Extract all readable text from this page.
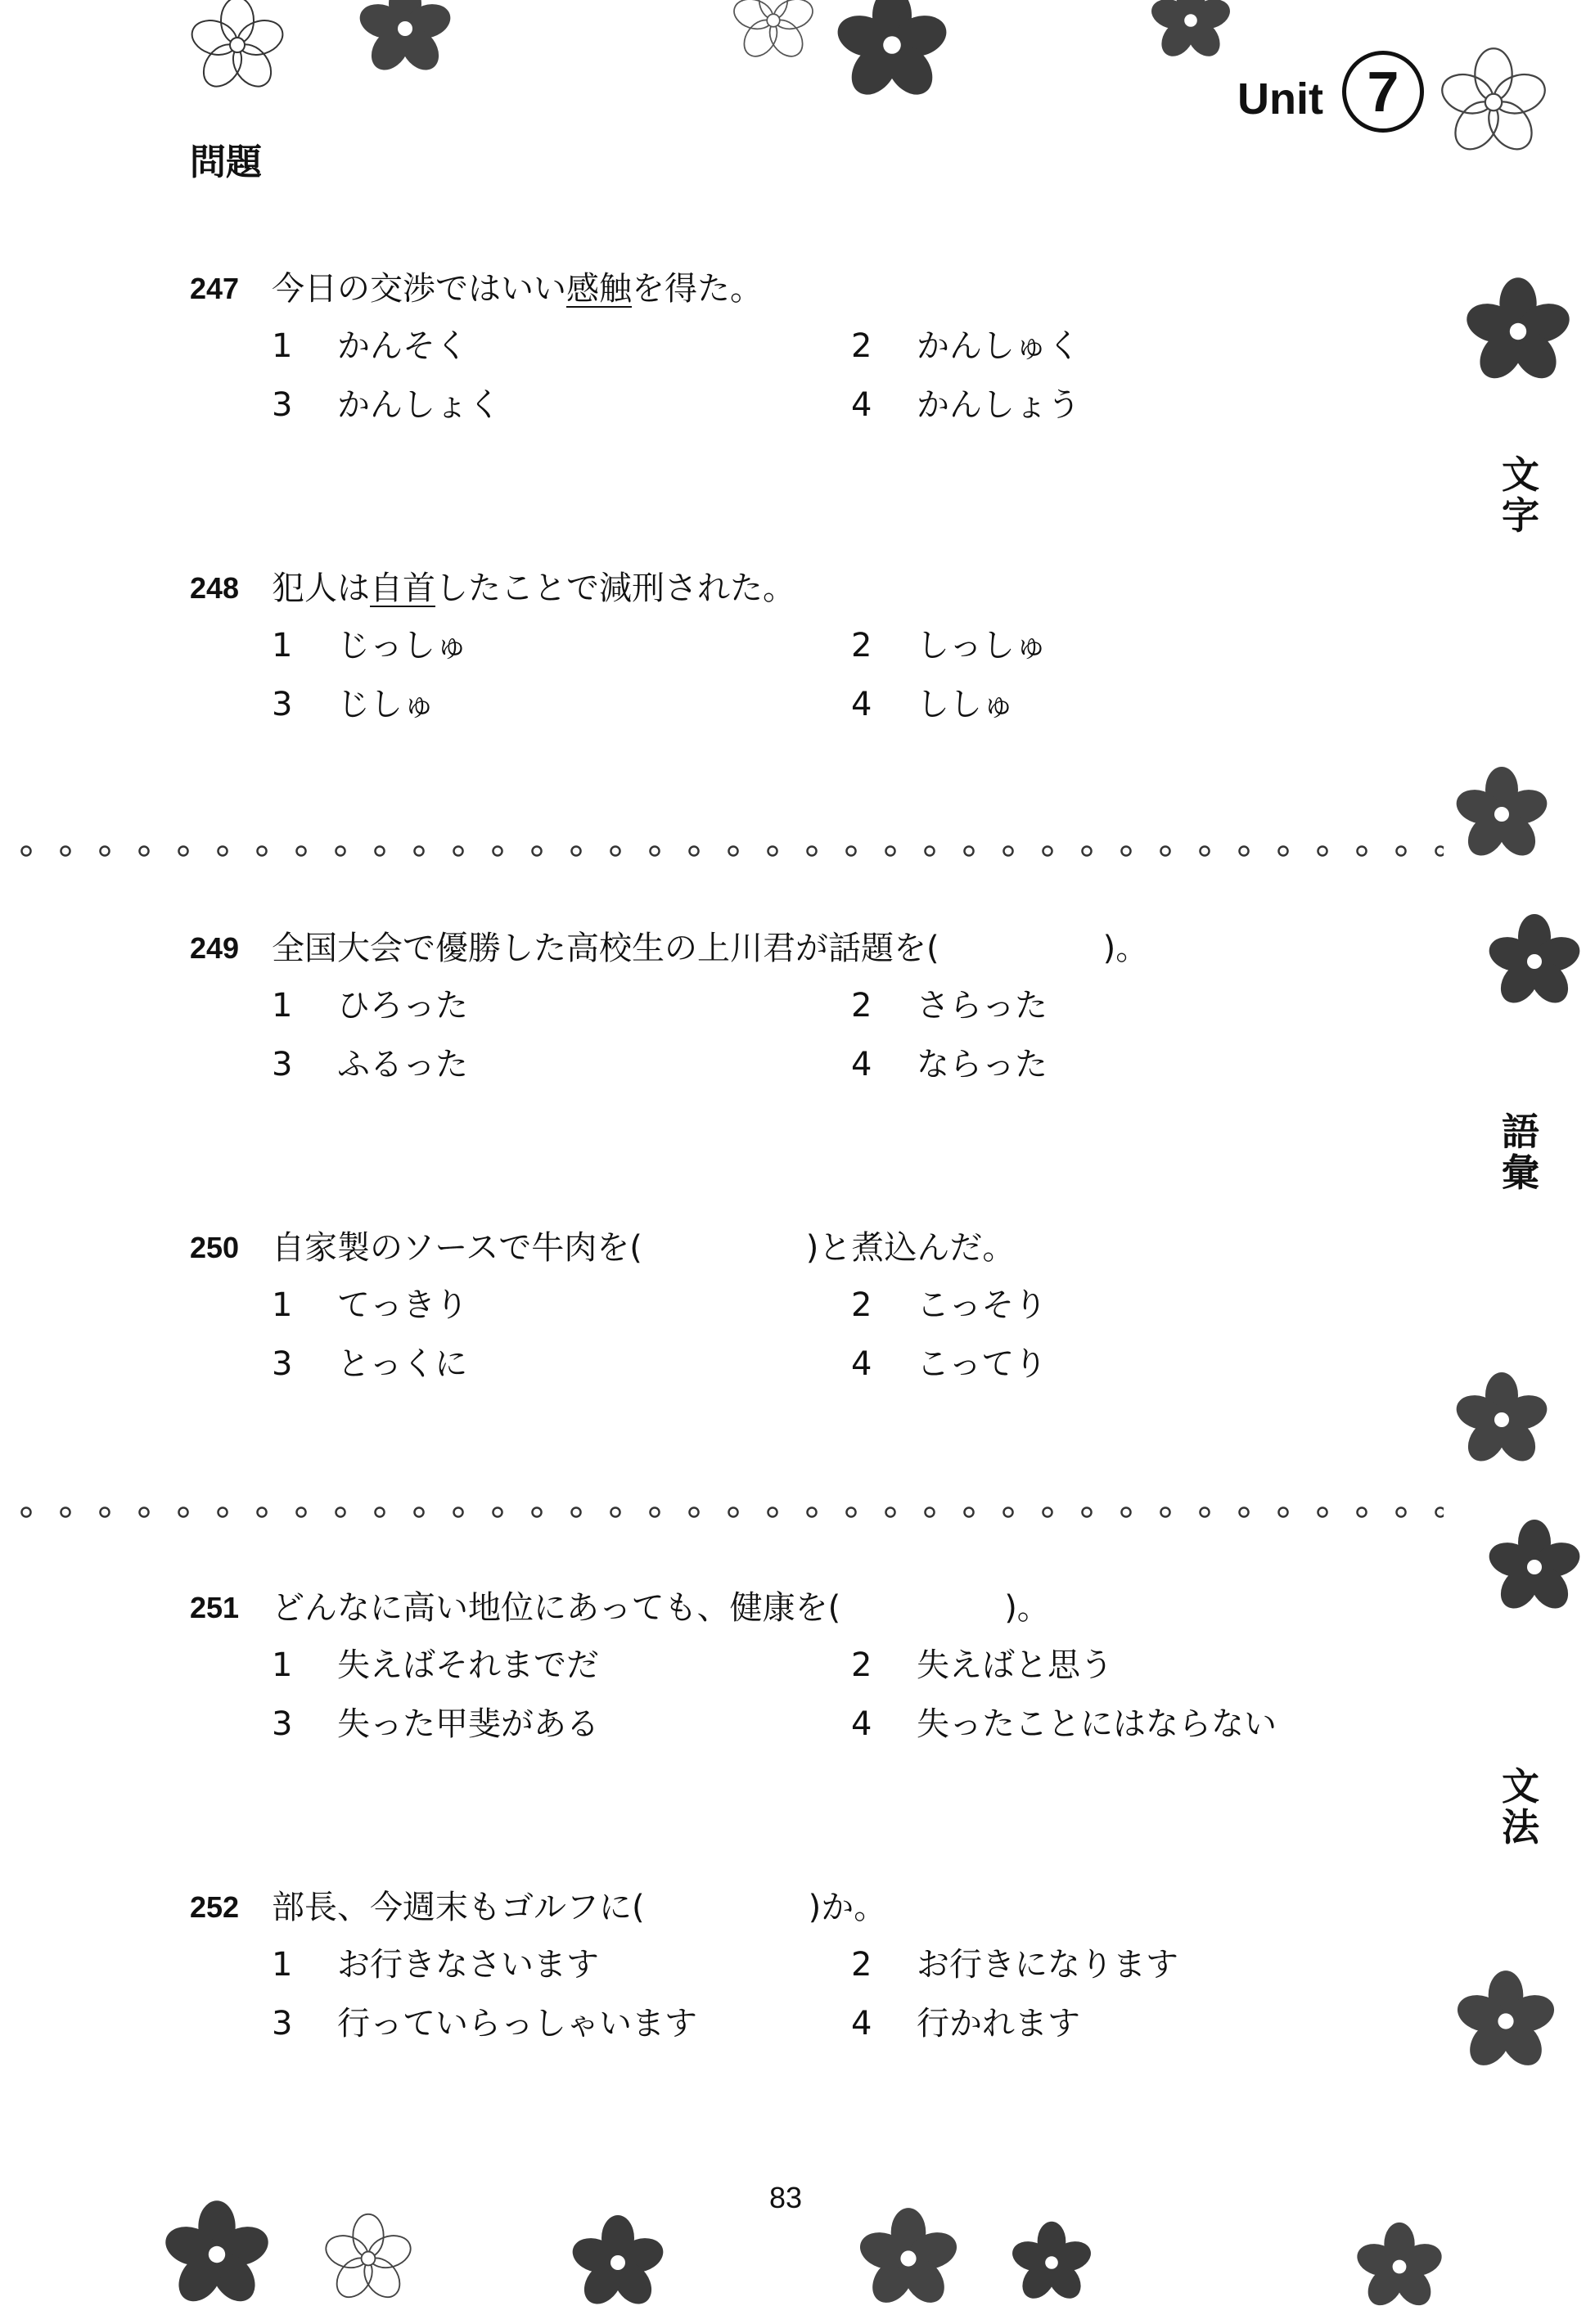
Unit 7
問題
文
字
語
彙
文
法
247 今日の交渉ではいい感触を得た。
1 かんそく	2 かんしゅく
3 かんしょく	4 かんしょう
248 犯人は自首したことで減刑された。
1 じっしゅ	2 しっしゅ
3 じしゅ	4 ししゅ
249 全国大会で優勝した高校生の上川君が話題を(　　　　　)。
1 ひろった	2 さらった
3 ふるった	4 ならった
250 自家製のソースで牛肉を(　　　　　)と煮込んだ。
1 てっきり	2 こっそり
3 とっくに	4 こってり
251 どんなに高い地位にあっても、健康を(　　　　　)。
1 失えばそれまでだ	2 失えばと思う
3 失った甲斐がある	4 失ったことにはならない
252 部長、今週末もゴルフに(　　　　　)か。
1 お行きなさいます	2 お行きになります
3 行っていらっしゃいます	4 行かれます
83
